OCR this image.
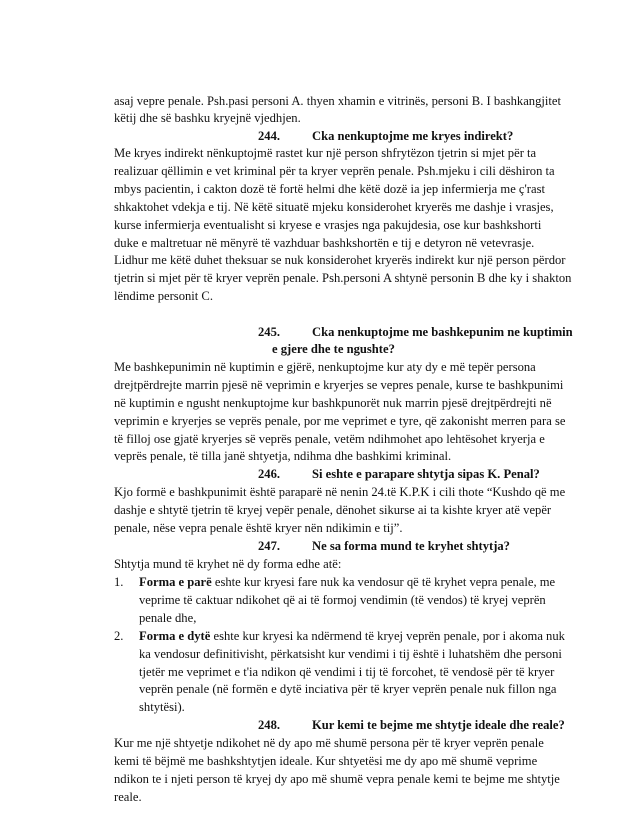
asaj vepre penale. Psh.pasi personi A. thyen xhamin e vitrinës, personi B. I bashkangjitet
këtij dhe së bashku kryejnë vjedhjen.
244.	Cka nenkuptojme me kryes indirekt?
Me kryes indirekt nënkuptojmë rastet kur një person shfrytëzon tjetrin si mjet për ta
realizuar qëllimin e vet kriminal për ta kryer veprën penale. Psh.mjeku i cili dëshiron ta
mbys pacientin, i cakton dozë të fortë helmi dhe këtë dozë ia jep infermierja me ç'rast
shkaktohet vdekja e tij. Në këtë situatë mjeku konsiderohet kryerës me dashje i vrasjes,
kurse infermierja eventualisht si kryese e vrasjes nga pakujdesia, ose kur bashkshorti
duke e maltretuar në mënyrë të vazhduar bashkshortën e tij e detyron në vetevrasje.
Lidhur me këtë duhet theksuar se nuk konsiderohet kryerës indirekt kur një person përdor
tjetrin si mjet për të kryer veprën penale. Psh.personi A shtynë personin B dhe ky i shakton
lëndime personit C.
245.	Cka nenkuptojme me bashkepunim ne kuptimin
e gjere dhe te ngushte?
Me bashkepunimin në kuptimin e gjërë, nenkuptojme kur aty dy e më tepër persona
drejtpërdrejte marrin pjesë në veprimin e kryerjes se vepres penale, kurse te bashkpunimi
në kuptimin e ngusht nenkuptojme kur bashkpunorët nuk marrin pjesë drejtpërdrejti në
veprimin e kryerjes se veprës penale, por me veprimet e tyre, që zakonisht merren para se
të filloj ose gjatë kryerjes së veprës penale, vetëm ndihmohet apo lehtësohet kryerja e
veprës penale, të tilla janë shtyetja, ndihma dhe bashkimi kriminal.
246.	Si eshte e parapare shtytja sipas K. Penal?
Kjo formë e bashkpunimit është paraparë në nenin 24.të K.P.K i cili thote “Kushdo që me
dashje e shtytë tjetrin të kryej vepër penale, dënohet sikurse ai ta kishte kryer atë vepër
penale, nëse vepra penale është kryer nën ndikimin e tij”.
247.	Ne sa forma mund te kryhet shtytja?
Shtytja mund të kryhet në dy forma edhe atë:
1. Forma e parë eshte kur kryesi fare nuk ka vendosur që të kryhet vepra penale, me
veprime të caktuar ndikohet që ai të formoj vendimin (të vendos) të kryej veprën
penale dhe,
2. Forma e dytë eshte kur kryesi ka ndërmend të kryej veprën penale, por i akoma nuk
ka vendosur definitivisht, përkatsisht kur vendimi i tij është i luhatshëm dhe personi
tjetër me veprimet e t'ia ndikon që vendimi i tij të forcohet, të vendosë për të kryer
veprën penale (në formën e dytë inciativa për të kryer veprën penale nuk fillon nga
shtytësi).
248.	Kur kemi te bejme me shtytje ideale dhe reale?
Kur me një shtyetje ndikohet në dy apo më shumë persona për të kryer veprën penale
kemi të bëjmë me bashkshtytjen ideale. Kur shtyetësi me dy apo më shumë veprime
ndikon te i njeti person të kryej dy apo më shumë vepra penale kemi te bejme me shtytje
reale.
